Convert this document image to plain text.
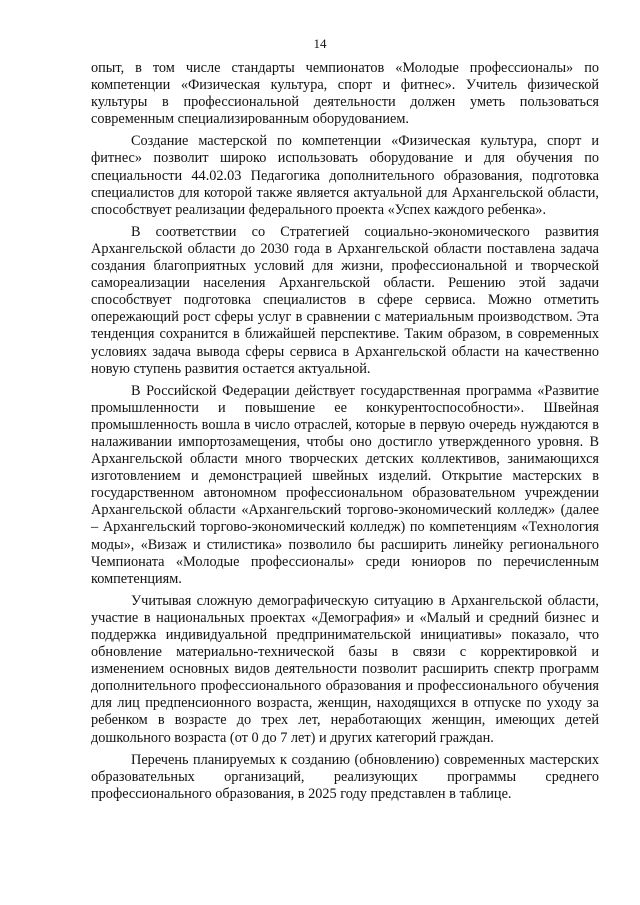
14

опыт, в том числе стандарты чемпионатов «Молодые профессионалы» по компетенции «Физическая культура, спорт и фитнес». Учитель физической культуры в профессиональной деятельности должен уметь пользоваться современным специализированным оборудованием.

Создание мастерской по компетенции «Физическая культура, спорт и фитнес» позволит широко использовать оборудование и для обучения по специальности 44.02.03 Педагогика дополнительного образования, подготовка специалистов для которой также является актуальной для Архангельской области, способствует реализации федерального проекта «Успех каждого ребенка».

В соответствии со Стратегией социально-экономического развития Архангельской области до 2030 года в Архангельской области поставлена задача создания благоприятных условий для жизни, профессиональной и творческой самореализации населения Архангельской области. Решению этой задачи способствует подготовка специалистов в сфере сервиса. Можно отметить опережающий рост сферы услуг в сравнении с материальным производством. Эта тенденция сохранится в ближайшей перспективе. Таким образом, в современных условиях задача вывода сферы сервиса в Архангельской области на качественно новую ступень развития остается актуальной.

В Российской Федерации действует государственная программа «Развитие промышленности и повышение ее конкурентоспособности». Швейная промышленность вошла в число отраслей, которые в первую очередь нуждаются в налаживании импортозамещения, чтобы оно достигло утвержденного уровня. В Архангельской области много творческих детских коллективов, занимающихся изготовлением и демонстрацией швейных изделий. Открытие мастерских в государственном автономном профессиональном образовательном учреждении Архангельской области «Архангельский торгово-экономический колледж» (далее – Архангельский торгово-экономический колледж) по компетенциям «Технология моды», «Визаж и стилистика» позволило бы расширить линейку регионального Чемпионата «Молодые профессионалы» среди юниоров по перечисленным компетенциям.

Учитывая сложную демографическую ситуацию в Архангельской области, участие в национальных проектах «Демография» и «Малый и средний бизнес и поддержка индивидуальной предпринимательской инициативы» показало, что обновление материально-технической базы в связи с корректировкой и изменением основных видов деятельности позволит расширить спектр программ дополнительного профессионального образования и профессионального обучения для лиц предпенсионного возраста, женщин, находящихся в отпуске по уходу за ребенком в возрасте до трех лет, неработающих женщин, имеющих детей дошкольного возраста (от 0 до 7 лет) и других категорий граждан.

Перечень планируемых к созданию (обновлению) современных мастерских образовательных организаций, реализующих программы среднего профессионального образования, в 2025 году представлен в таблице.
